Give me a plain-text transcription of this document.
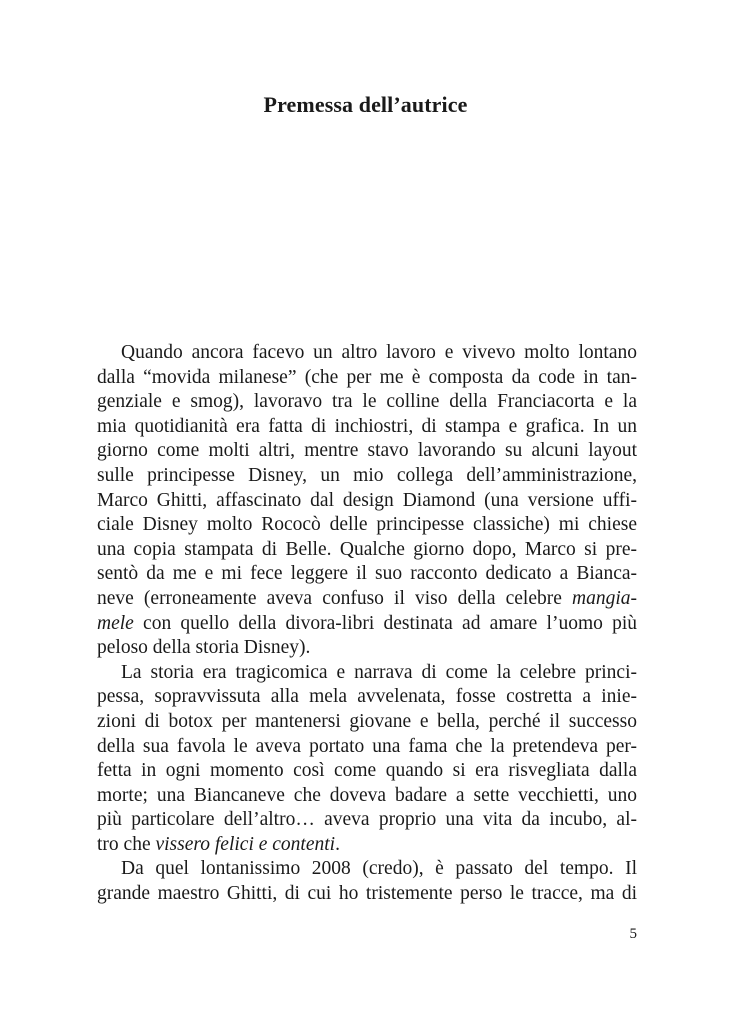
Premessa dell’autrice
Quando ancora facevo un altro lavoro e vivevo molto lontano
dalla “movida milanese” (che per me è composta da code in tan-
genziale e smog), lavoravo tra le colline della Franciacorta e la
mia quotidianità era fatta di inchiostri, di stampa e grafica. In un
giorno come molti altri, mentre stavo lavorando su alcuni layout
sulle principesse Disney, un mio collega dell’amministrazione,
Marco Ghitti, affascinato dal design Diamond (una versione uffi-
ciale Disney molto Rococò delle principesse classiche) mi chiese
una copia stampata di Belle. Qualche giorno dopo, Marco si pre-
sentò da me e mi fece leggere il suo racconto dedicato a Bianca-
neve (erroneamente aveva confuso il viso della celebre mangia-
mele con quello della divora-libri destinata ad amare l’uomo più
peloso della storia Disney).
La storia era tragicomica e narrava di come la celebre princi-
pessa, sopravvissuta alla mela avvelenata, fosse costretta a inie-
zioni di botox per mantenersi giovane e bella, perché il successo
della sua favola le aveva portato una fama che la pretendeva per-
fetta in ogni momento così come quando si era risvegliata dalla
morte; una Biancaneve che doveva badare a sette vecchietti, uno
più particolare dell’altro… aveva proprio una vita da incubo, al-
tro che vissero felici e contenti.
Da quel lontanissimo 2008 (credo), è passato del tempo. Il
grande maestro Ghitti, di cui ho tristemente perso le tracce, ma di
5
